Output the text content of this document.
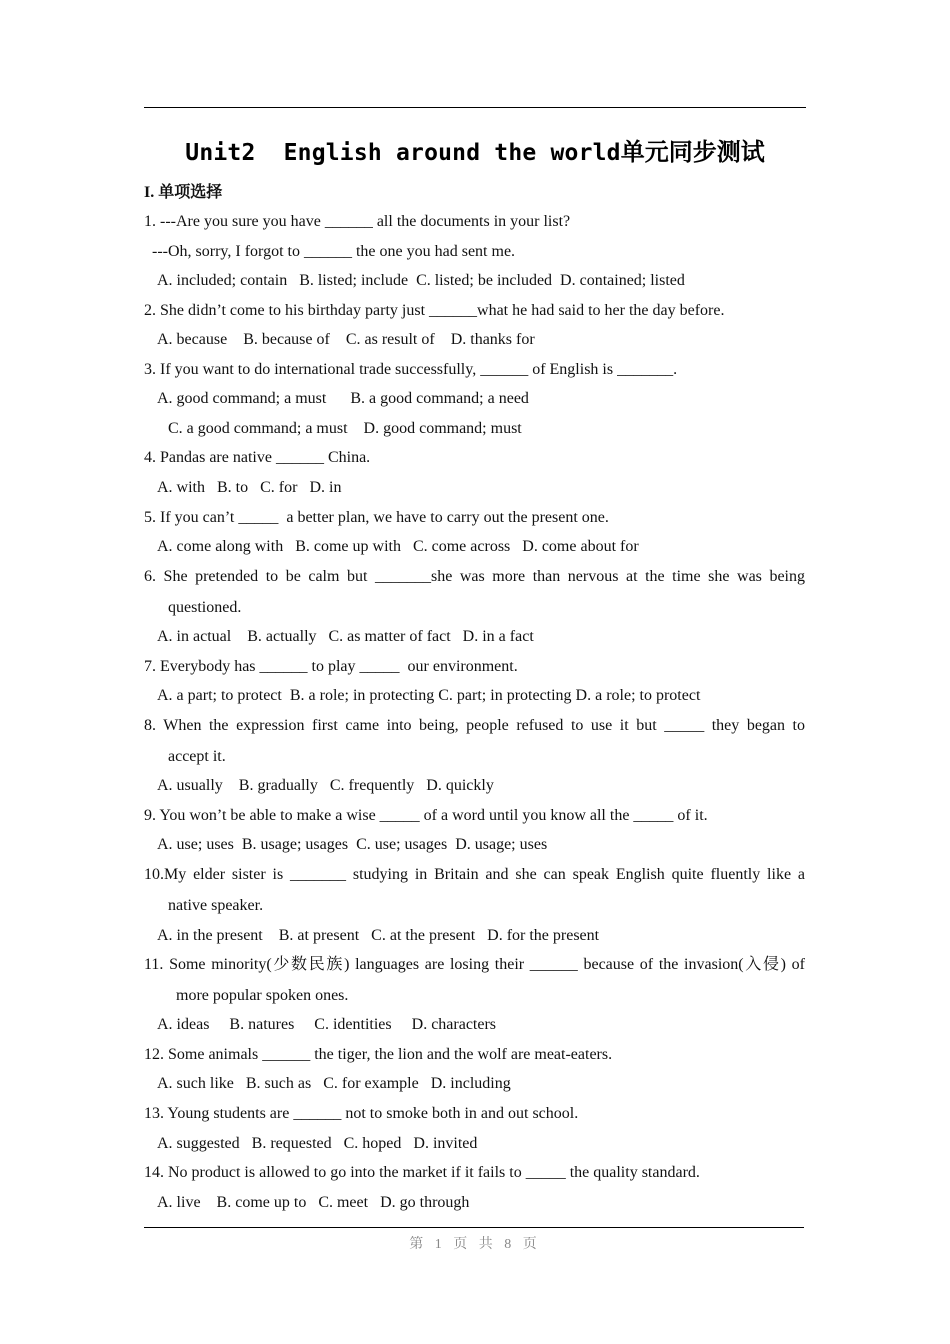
Unit2  English around the world单元同步测试
I. 单项选择
1. ---Are you sure you have ______ all the documents in your list?
---Oh, sorry, I forgot to ______ the one you had sent me.
A. included; contain   B. listed; include  C. listed; be included  D. contained; listed
2. She didn’t come to his birthday party just ______what he had said to her the day before.
A. because    B. because of    C. as result of    D. thanks for
3. If you want to do international trade successfully, ______ of English is _______.
A. good command; a must      B. a good command; a need
C. a good command; a must    D. good command; must
4. Pandas are native ______ China.
A. with   B. to   C. for   D. in
5. If you can’t _____  a better plan, we have to carry out the present one.
A. come along with   B. come up with   C. come across   D. come about for
6. She pretended to be calm but _______she was more than nervous at the time she was being
questioned.
A. in actual    B. actually   C. as matter of fact   D. in a fact
7. Everybody has ______ to play _____  our environment.
A. a part; to protect  B. a role; in protecting C. part; in protecting D. a role; to protect
8. When the expression first came into being, people refused to use it but _____ they began to
accept it.
A. usually    B. gradually   C. frequently   D. quickly
9. You won’t be able to make a wise _____ of a word until you know all the _____ of it.
A. use; uses  B. usage; usages  C. use; usages  D. usage; uses
10.My elder sister is _______ studying in Britain and she can speak English quite fluently like a
native speaker.
A. in the present    B. at present   C. at the present   D. for the present
11. Some minority(少数民族) languages are losing their ______ because of the invasion(入侵) of
more popular spoken ones.
A. ideas     B. natures     C. identities     D. characters
12. Some animals ______ the tiger, the lion and the wolf are meat-eaters.
A. such like   B. such as   C. for example   D. including
13. Young students are ______ not to smoke both in and out school.
A. suggested   B. requested   C. hoped   D. invited
14. No product is allowed to go into the market if it fails to _____ the quality standard.
A. live    B. come up to   C. meet   D. go through
第 1 页 共 8 页
